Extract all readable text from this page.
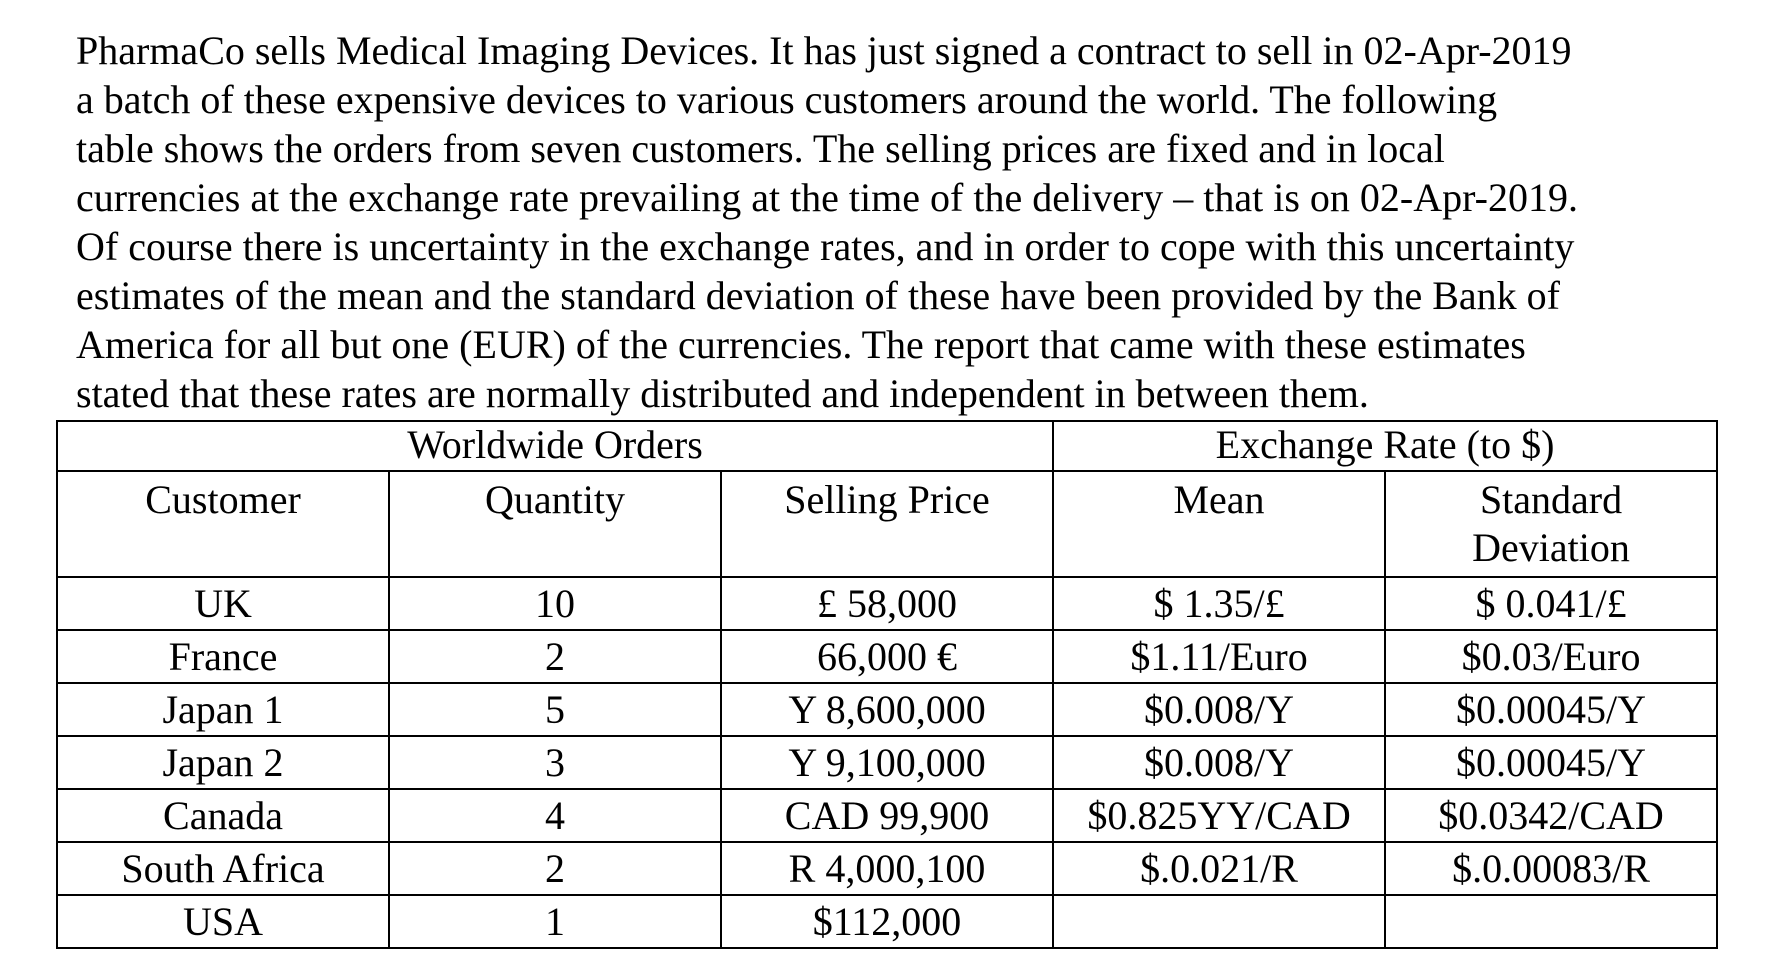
PharmaCo sells Medical Imaging Devices. It has just signed a contract to sell in 02-Apr-2019
a batch of these expensive devices to various customers around the world. The following
table shows the orders from seven customers. The selling prices are fixed and in local
currencies at the exchange rate prevailing at the time of the delivery – that is on 02-Apr-2019.
Of course there is uncertainty in the exchange rates, and in order to cope with this uncertainty
estimates of the mean and the standard deviation of these have been provided by the Bank of
America for all but one (EUR) of the currencies. The report that came with these estimates
stated that these rates are normally distributed and independent in between them.
Worldwide Orders			Exchange Rate (to $)	
Customer	Quantity	Selling Price	Mean	Standard
Deviation
UK	10	£ 58,000	$ 1.35/£	$ 0.041/£
France	2	66,000 €	$1.11/Euro	$0.03/Euro
Japan 1	5	Y 8,600,000	$0.008/Y	$0.00045/Y
Japan 2	3	Y 9,100,000	$0.008/Y	$0.00045/Y
Canada	4	CAD 99,900	$0.825YY/CAD	$0.0342/CAD
South Africa	2	R 4,000,100	$.0.021/R	$.0.00083/R
USA	1	$112,000		
